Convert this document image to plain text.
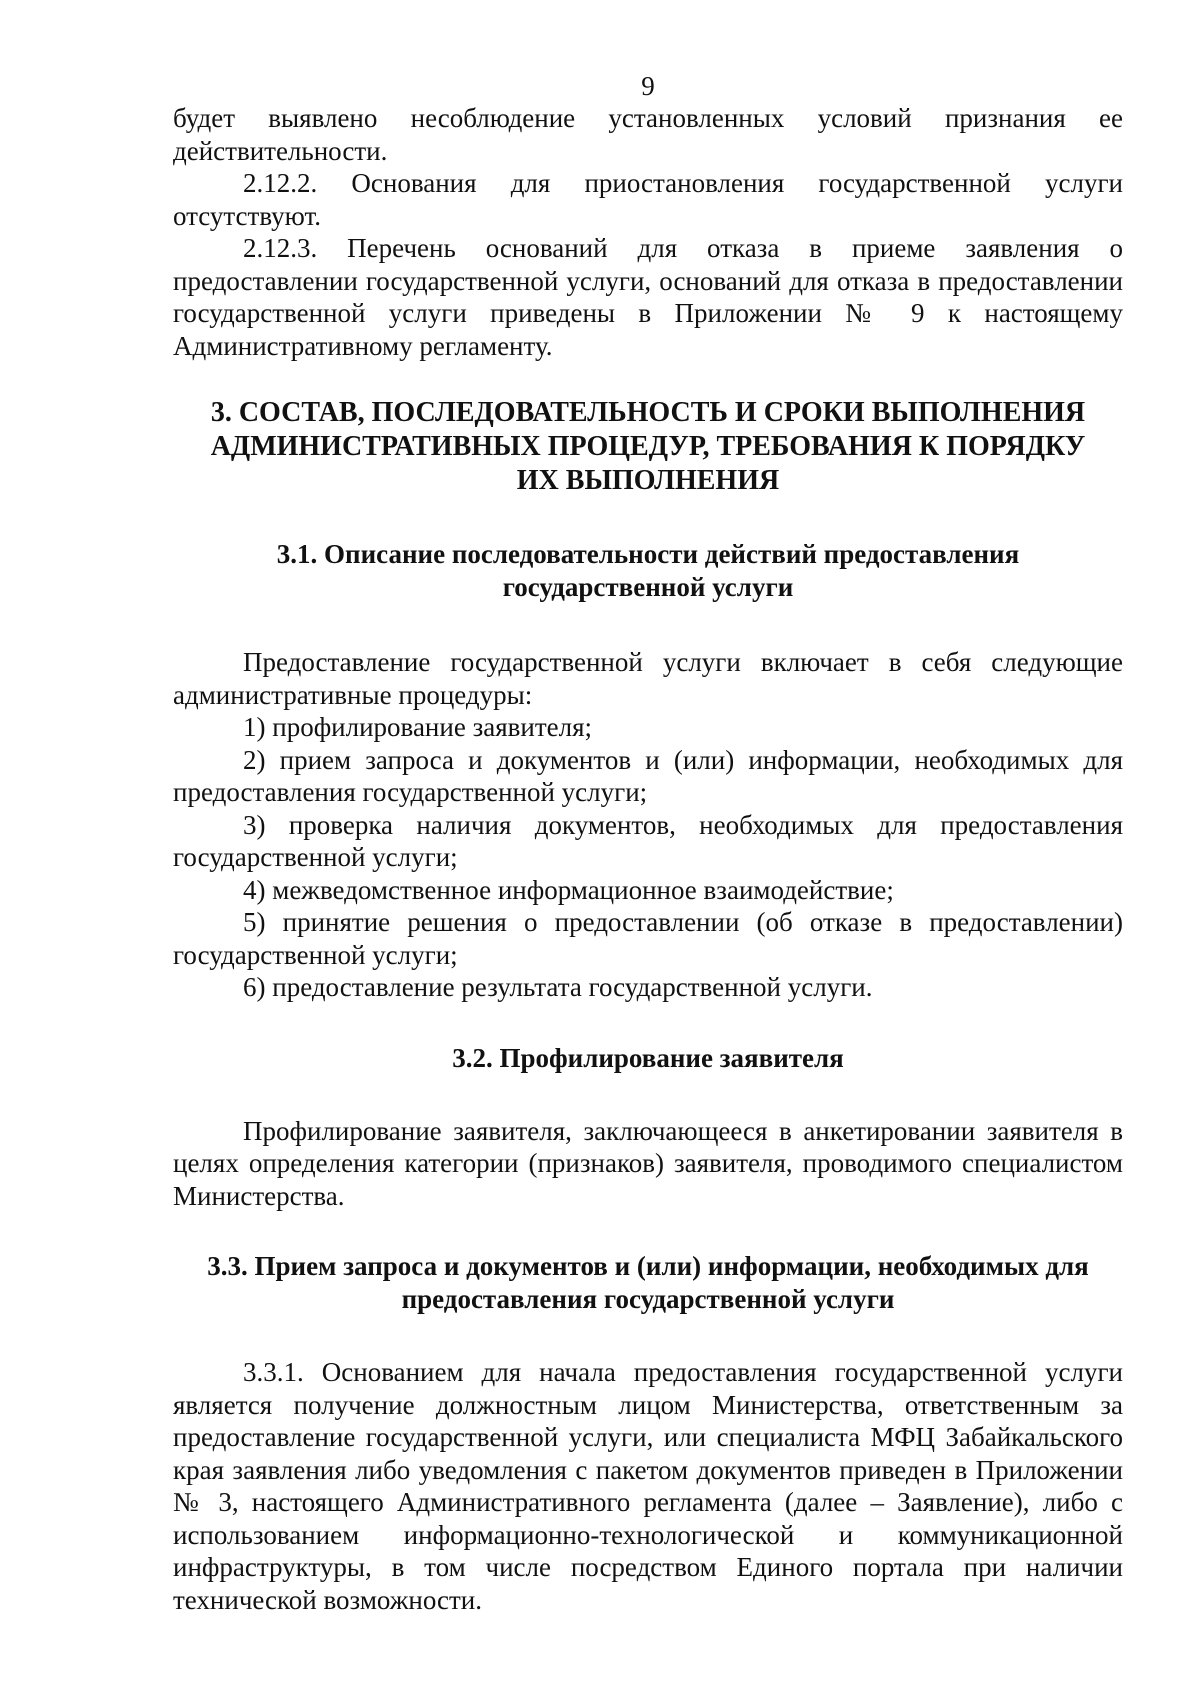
9

будет выявлено несоблюдение установленных условий признания ее действительности.

2.12.2. Основания для приостановления государственной услуги отсутствуют.

2.12.3. Перечень оснований для отказа в приеме заявления о предоставлении государственной услуги, оснований для отказа в предоставлении государственной услуги приведены в Приложении № 9 к настоящему Административному регламенту.

3. СОСТАВ, ПОСЛЕДОВАТЕЛЬНОСТЬ И СРОКИ ВЫПОЛНЕНИЯ
АДМИНИСТРАТИВНЫХ ПРОЦЕДУР, ТРЕБОВАНИЯ К ПОРЯДКУ
ИХ ВЫПОЛНЕНИЯ
3.1. Описание последовательности действий предоставления
государственной услуги

Предоставление государственной услуги включает в себя следующие административные процедуры:

1) профилирование заявителя;

2) прием запроса и документов и (или) информации, необходимых для предоставления государственной услуги;

3) проверка наличия документов, необходимых для предоставления государственной услуги;

4) межведомственное информационное взаимодействие;

5) принятие решения о предоставлении (об отказе в предоставлении) государственной услуги;

6) предоставление результата государственной услуги.

3.2. Профилирование заявителя

Профилирование заявителя, заключающееся в анкетировании заявителя в целях определения категории (признаков) заявителя, проводимого специалистом Министерства.

3.3. Прием запроса и документов и (или) информации, необходимых для
предоставления государственной услуги

3.3.1. Основанием для начала предоставления государственной услуги является получение должностным лицом Министерства, ответственным за предоставление государственной услуги, или специалиста МФЦ Забайкальского края заявления либо уведомления с пакетом документов приведен в Приложении № 3, настоящего Административного регламента (далее – Заявление), либо с использованием информационно-технологической и коммуникационной инфраструктуры, в том числе посредством Единого портала при наличии технической возможности.
